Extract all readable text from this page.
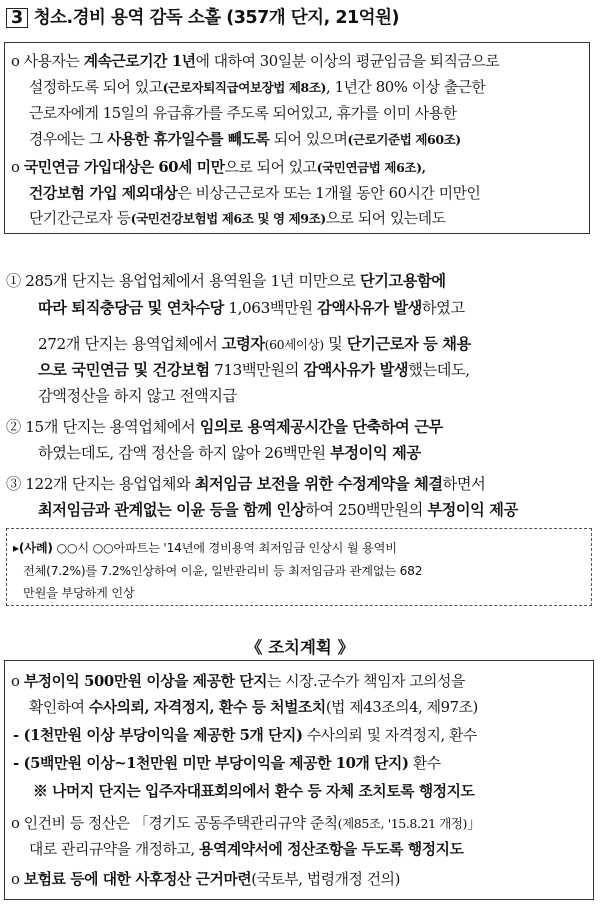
3 청소.경비 용역 감독 소홀 (357개 단지, 21억원)
o 사용자는 계속근로기간 1년에 대하여 30일분 이상의 평균임금을 퇴직금으로
설정하도록 되어 있고(근로자퇴직급여보장법 제8조), 1년간 80% 이상 출근한
근로자에게 15일의 유급휴가를 주도록 되어있고, 휴가를 이미 사용한
경우에는 그 사용한 휴가일수를 빼도록 되어 있으며(근로기준법 제60조)
o 국민연금 가입대상은 60세 미만으로 되어 있고(국민연금법 제6조),
건강보험 가입 제외대상은 비상근근로자 또는 1개월 동안 60시간 미만인
단기간근로자 등(국민건강보험법 제6조 및 영 제9조)으로 되어 있는데도
① 285개 단지는 용업업체에서 용역원을 1년 미만으로 단기고용함에
따라 퇴직충당금 및 연차수당 1,063백만원 감액사유가 발생하였고
272개 단지는 용역업체에서 고령자(60세이상) 및 단기근로자 등 채용
으로 국민연금 및 건강보험 713백만원의 감액사유가 발생했는데도,
감액정산을 하지 않고 전액지급
② 15개 단지는 용역업체에서 임의로 용역제공시간을 단축하여 근무
하였는데도, 감액 정산을 하지 않아 26백만원 부정이익 제공
③ 122개 단지는 용업업체와 최저임금 보전을 위한 수정계약을 체결하면서
최저임금과 관계없는 이윤 등을 함께 인상하여 250백만원의 부정이익 제공
▸(사례) ○○시 ○○아파트는 '14년에 경비용역 최저임금 인상시 월 용역비
전체(7.2%)를 7.2%인상하여 이윤, 일반관리비 등 최저임금과 관계없는 682
만원을 부당하게 인상
《 조치계획 》
o 부정이익 500만원 이상을 제공한 단지는 시장.군수가 책임자 고의성을
확인하여 수사의뢰, 자격정지, 환수 등 처벌조치(법 제43조의4, 제97조)
- (1천만원 이상 부당이익을 제공한 5개 단지) 수사의뢰 및 자격정지, 환수
- (5백만원 이상~1천만원 미만 부당이익을 제공한 10개 단지) 환수
※ 나머지 단지는 입주자대표회의에서 환수 등 자체 조치토록 행정지도
o 인건비 등 정산은 「경기도 공동주택관리규약 준칙(제85조, '15.8.21 개정)」
대로 관리규약을 개정하고, 용역계약서에 정산조항을 두도록 행정지도
o 보험료 등에 대한 사후정산 근거마련(국토부, 법령개정 건의)
